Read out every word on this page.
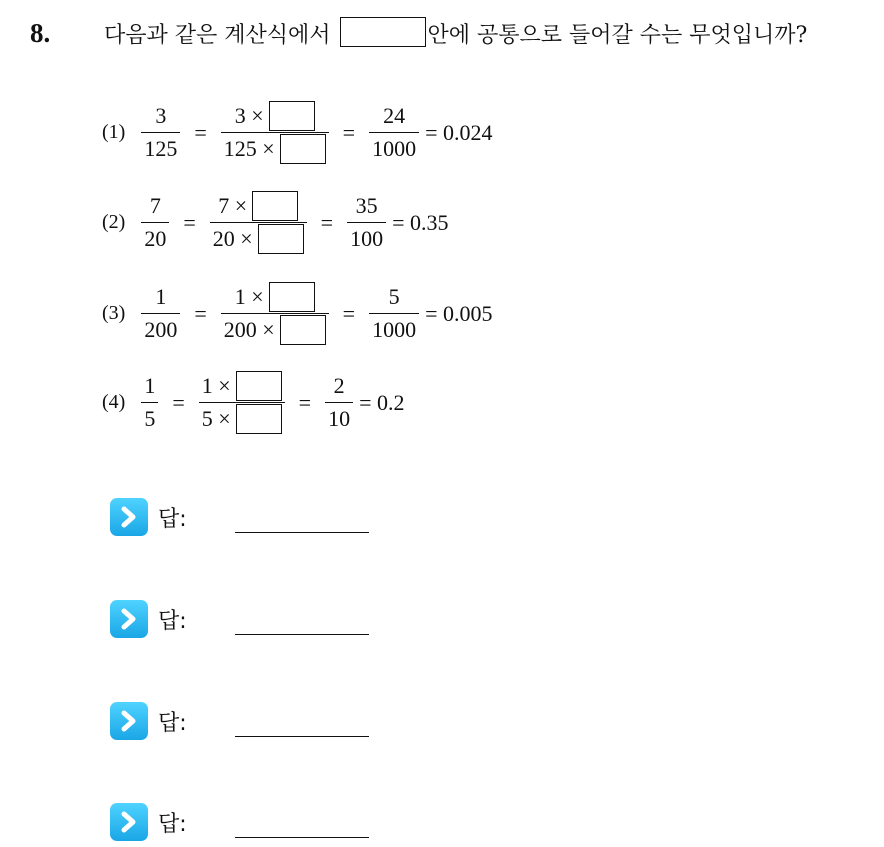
8. 다음과 같은 계산식에서	안에 공통으로 들어갈 수는 무엇입니까?
$(1) \frac{3}{125} = \frac{3 \times}{125 \times} = \frac{24}{1000} = 0.024$
$(2) \frac{7}{20} = \frac{7 \times}{20 \times} = \frac{35}{100} = 0.35$
$(3) \frac{1}{200} = \frac{1 \times}{200 \times} = \frac{5}{1000} = 0.005$
$(4) \frac{1}{5} = \frac{1 \times}{5 \times} = \frac{2}{10} = 0.2$
답:
답:
답:
답:
